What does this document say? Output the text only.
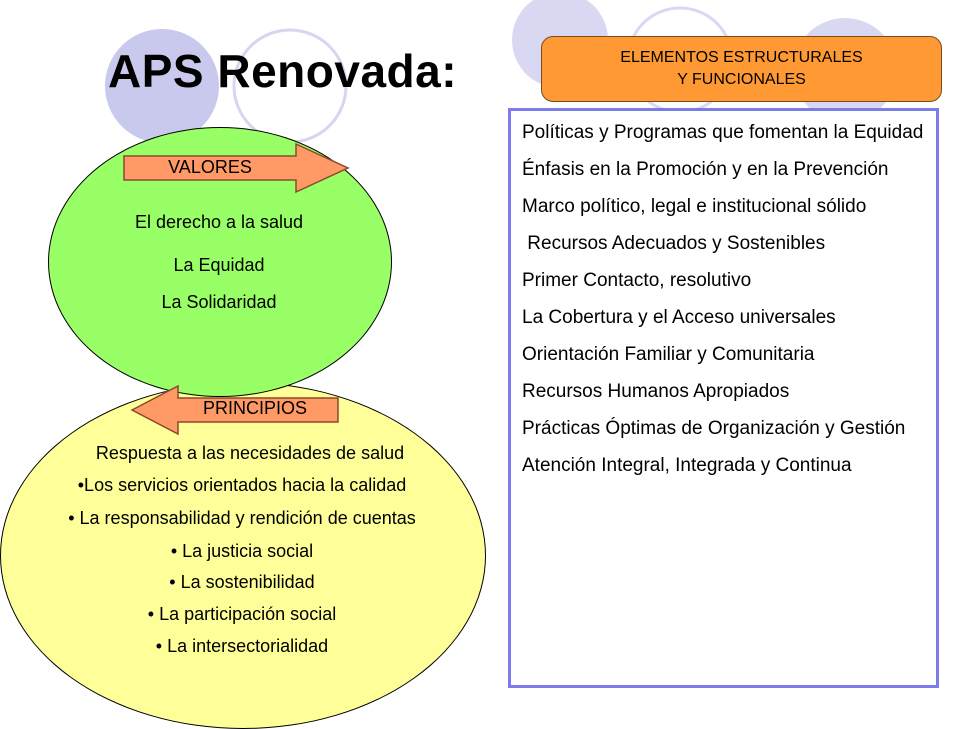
APS Renovada:	ELEMENTOS ESTRUCTURALES
Y FUNCIONALES
Políticas y Programas que fomentan la Equidad
Énfasis en la Promoción y en la Prevención
Marco político, legal e institucional sólido
Recursos Adecuados y Sostenibles
Primer Contacto, resolutivo
La Cobertura y el Acceso universales
Orientación Familiar y Comunitaria
Recursos Humanos Apropiados
Prácticas Óptimas de Organización y Gestión
Atención Integral, Integrada y Continua
Respuesta a las necesidades de salud
•Los servicios orientados hacia la calidad
• La responsabilidad y rendición de cuentas
• La justicia social
• La sostenibilidad
• La participación social
• La intersectorialidad
El derecho a la salud
La Equidad
La Solidaridad
VALORES
PRINCIPIOS
